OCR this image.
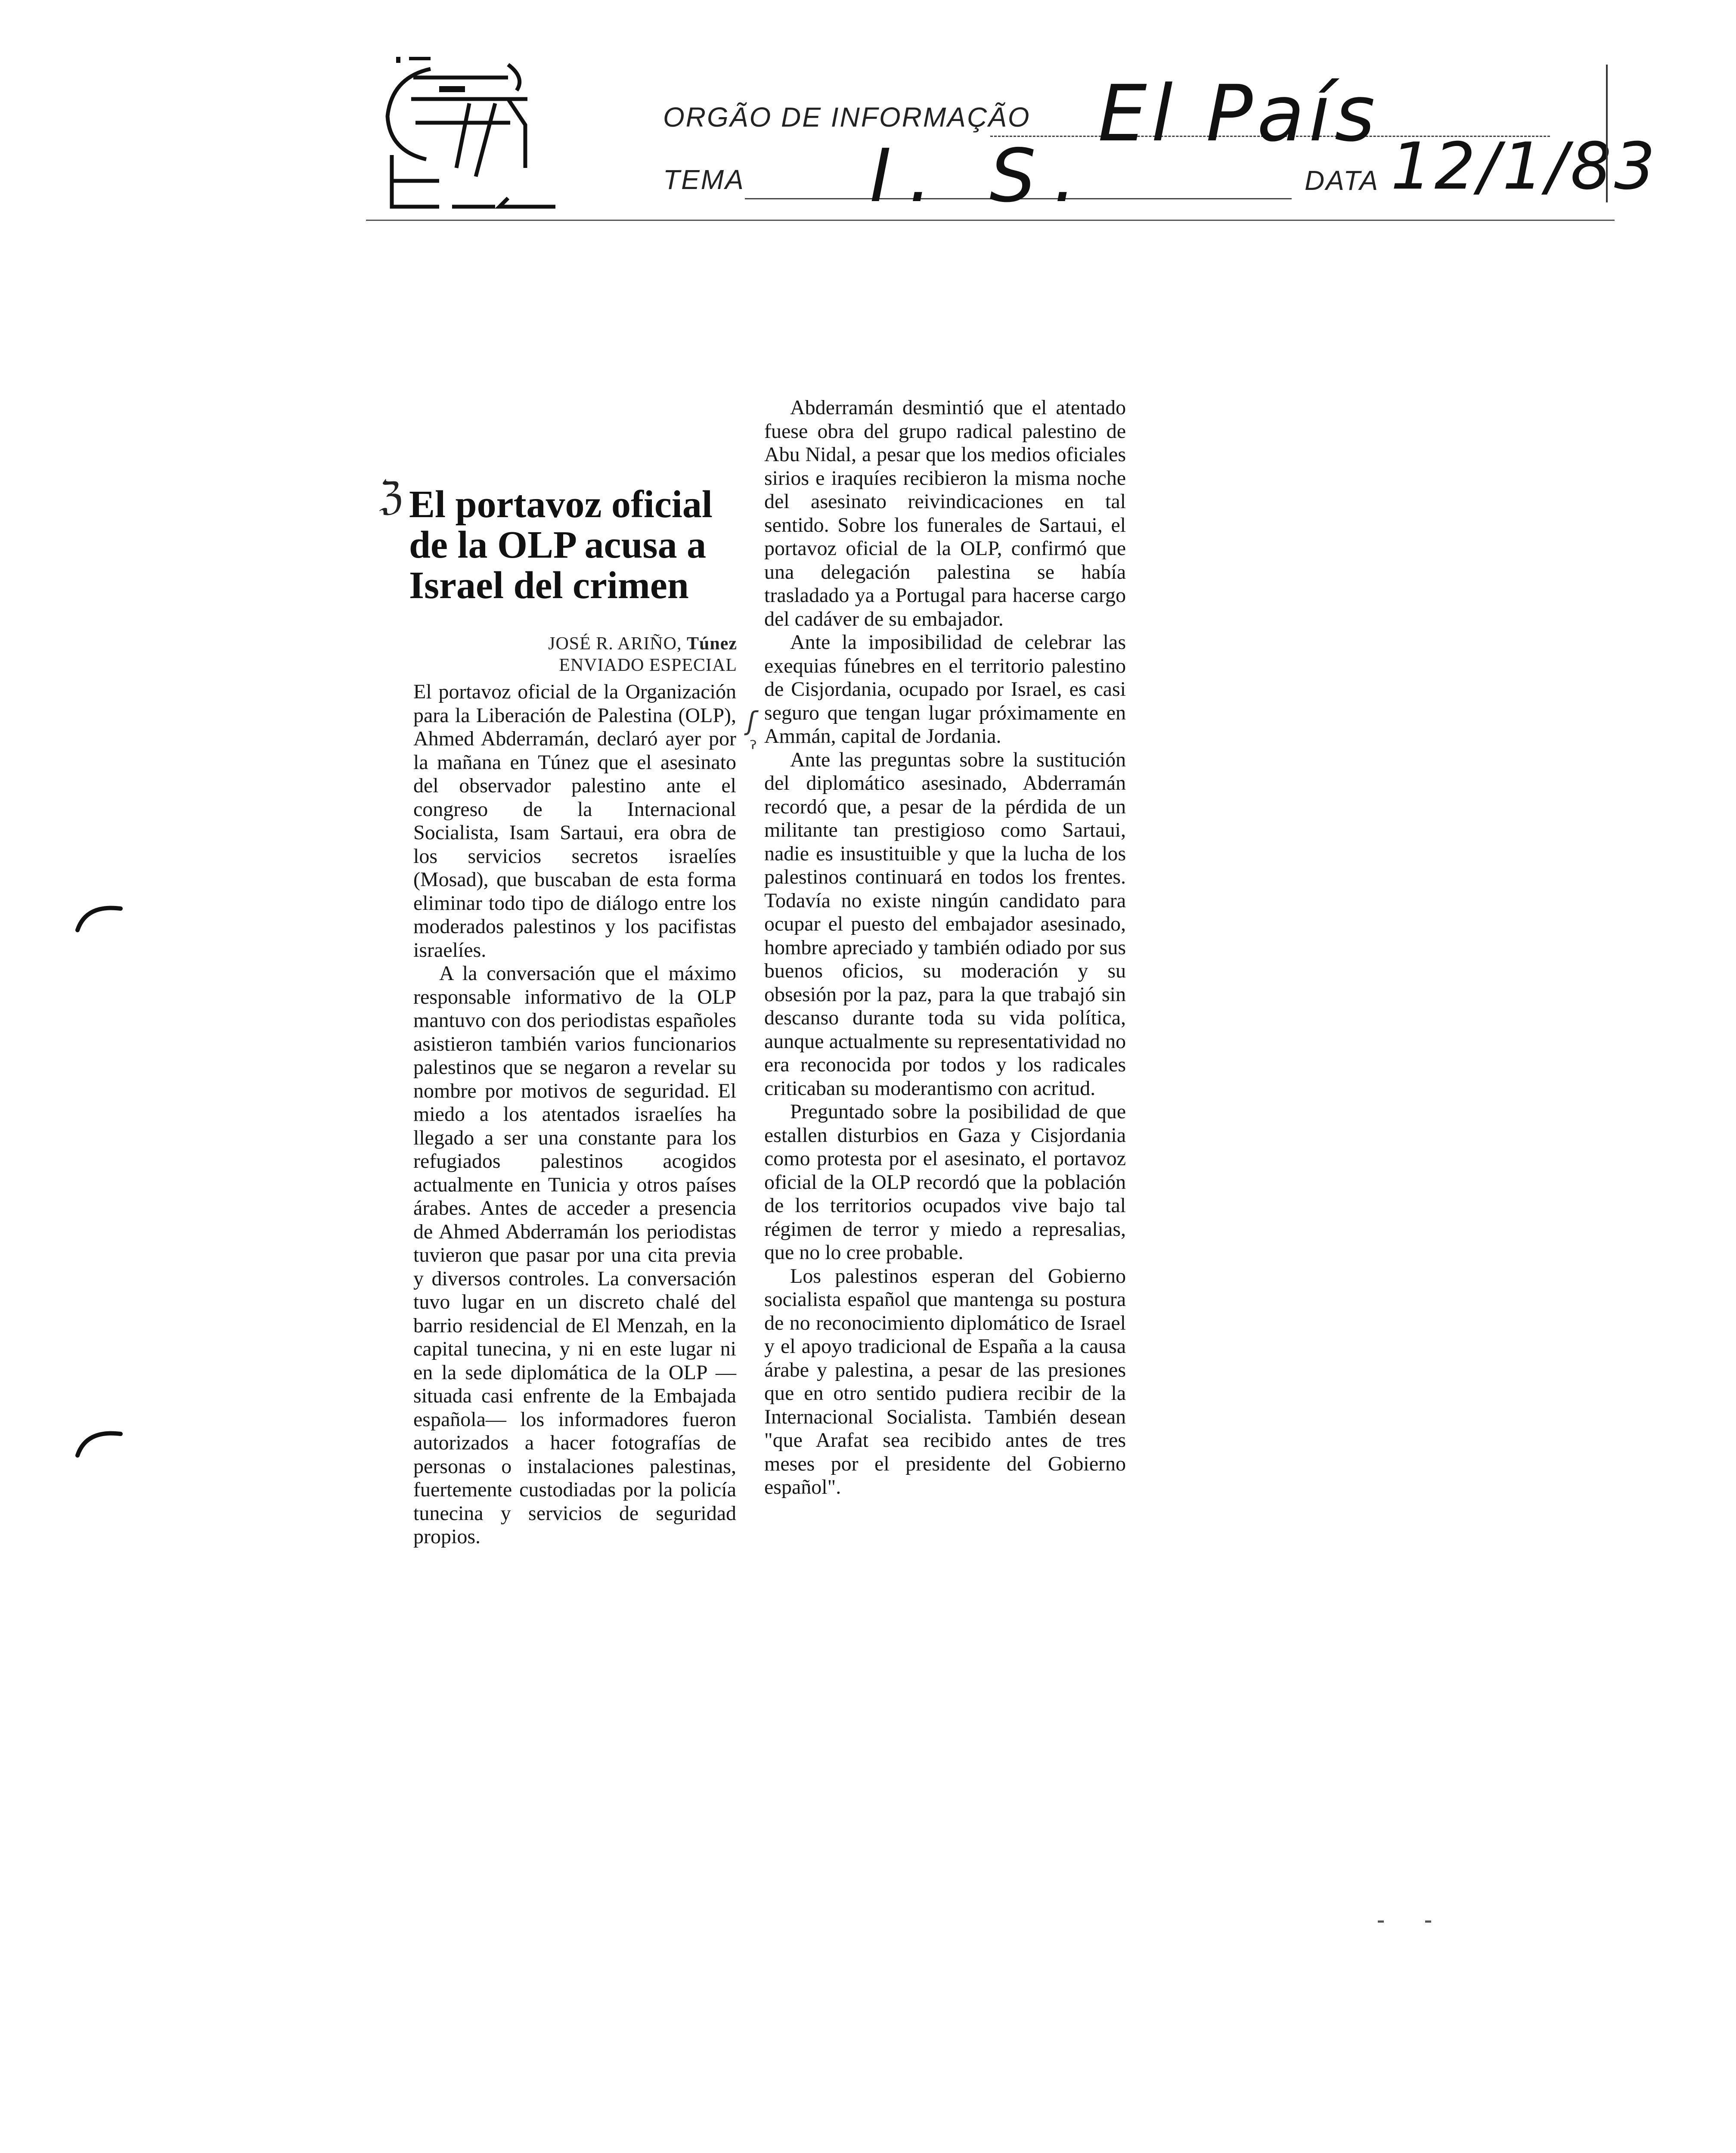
ORGÃO DE INFORMAÇÃO El País
TEMA I. S.	DATA 12/1/83
ℨ El portavoz oficial
de la OLP acusa a
Israel del crimen
JOSÉ R. ARIÑO, Túnez
ENVIADO ESPECIAL

El portavoz oficial de la Organización para la Liberación de Palestina (OLP), Ahmed Abderramán, declaró ayer por la mañana en Túnez que el asesinato del observador palestino ante el congreso de la Internacional Socialista, Isam Sartaui, era obra de los servicios secretos israelíes (Mosad), que buscaban de esta forma eliminar todo tipo de diálogo entre los moderados palestinos y los pacifistas israelíes.

A la conversación que el máximo responsable informativo de la OLP mantuvo con dos periodistas españoles asistieron también varios funcionarios palestinos que se negaron a revelar su nombre por motivos de seguridad. El miedo a los atentados israelíes ha llegado a ser una constante para los refugiados palestinos acogidos actualmente en Tunicia y otros países árabes. Antes de acceder a presencia de Ahmed Abderramán los periodistas tuvieron que pasar por una cita previa y diversos controles. La conversación tuvo lugar en un discreto chalé del barrio residencial de El Menzah, en la capital tunecina, y ni en este lugar ni en la sede diplomática de la OLP —situada casi enfrente de la Embajada española— los informadores fueron autorizados a hacer fotografías de personas o instalaciones palestinas, fuertemente custodiadas por la policía tunecina y servicios de seguridad propios.

Abderramán desmintió que el atentado fuese obra del grupo radical palestino de Abu Nidal, a pesar que los medios oficiales sirios e iraquíes recibieron la misma noche del asesinato reivindicaciones en tal sentido. Sobre los funerales de Sartaui, el portavoz oficial de la OLP, confirmó que una delegación palestina se había trasladado ya a Portugal para hacerse cargo del cadáver de su embajador.

Ante la imposibilidad de celebrar las exequias fúnebres en el territorio palestino de Cisjordania, ocupado por Israel, es casi seguro que tengan lugar próximamente en Ammán, capital de Jordania.

Ante las preguntas sobre la sustitución del diplomático asesinado, Abderramán recordó que, a pesar de la pérdida de un militante tan prestigioso como Sartaui, nadie es insustituible y que la lucha de los palestinos continuará en todos los frentes. Todavía no existe ningún candidato para ocupar el puesto del embajador asesinado, hombre apreciado y también odiado por sus buenos oficios, su moderación y su obsesión por la paz, para la que trabajó sin descanso durante toda su vida política, aunque actualmente su representatividad no era reconocida por todos y los radicales criticaban su moderantismo con acritud.

Preguntado sobre la posibilidad de que estallen disturbios en Gaza y Cisjordania como protesta por el asesinato, el portavoz oficial de la OLP recordó que la población de los territorios ocupados vive bajo tal régimen de terror y miedo a represalias, que no lo cree probable.

Los palestinos esperan del Gobierno socialista español que mantenga su postura de no reconocimiento diplomático de Israel y el apoyo tradicional de España a la causa árabe y palestina, a pesar de las presiones que en otro sentido pudiera recibir de la Internacional Socialista. También desean "que Arafat sea recibido antes de tres meses por el presidente del Gobierno español".

ʃ
ˀ
